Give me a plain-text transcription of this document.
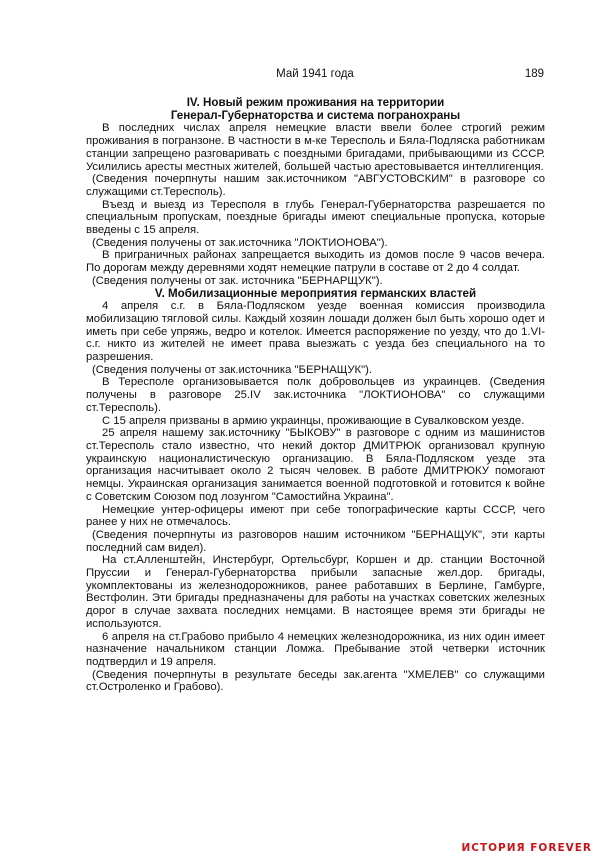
Май 1941 года	189
IV. Новый режим проживания на территории
Генерал-Губернаторства и система погранохраны

В последних числах апреля немецкие власти ввели более строгий режим проживания в погранзоне. В частности в м-ке Тересполь и Бяла-Подляска работникам станции запрещено разговаривать с поездными бригадами, прибывающими из СССР. Усилились аресты местных жителей, большей частью арестовывается интеллигенция.

(Сведения почерпнуты нашим зак.источником "АВГУСТОВСКИМ" в разговоре со служащими ст.Тересполь).

Въезд и выезд из Тересполя в глубь Генерал-Губернаторства разрешается по специальным пропускам, поездные бригады имеют специальные пропуска, которые введены с 15 апреля.

(Сведения получены от зак.источника "ЛОКТИОНОВА").

В приграничных районах запрещается выходить из домов после 9 часов вечера. По дорогам между деревнями ходят немецкие патрули в составе от 2 до 4 солдат.

(Сведения получены от зак. источника "БЕРНАРЩУК").

V. Мобилизационные мероприятия германских властей

4 апреля с.г. в Бяла-Подляском уезде военная комиссия производила мобилизацию тягловой силы. Каждый хозяин лошади должен был быть хорошо одет и иметь при себе упряжь, ведро и котелок. Имеется распоряжение по уезду, что до 1.VI-с.г. никто из жителей не имеет права выезжать с уезда без специального на то разрешения.

(Сведения получены от зак.источника "БЕРНАЩУК").

В Тересполе организовывается полк добровольцев из украинцев. (Сведения получены в разговоре 25.IV зак.источника "ЛОКТИОНОВА" со служащими ст.Тересполь).

С 15 апреля призваны в армию украинцы, проживающие в Сувалковском уезде.

25 апреля нашему зак.источнику "БЫКОВУ" в разговоре с одним из машинистов ст.Тересполь стало известно, что некий доктор ДМИТРЮК организовал крупную украинскую националистическую организацию. В Бяла-Подляском уезде эта организация насчитывает около 2 тысяч человек. В работе ДМИТРЮКУ помогают немцы. Украинская организация занимается военной подготовкой и готовится к войне с Советским Союзом под лозунгом "Самостийна Украина".

Немецкие унтер-офицеры имеют при себе топографические карты СССР, чего ранее у них не отмечалось.

(Сведения почерпнуты из разговоров нашим источником "БЕРНАЩУК", эти карты последний сам видел).

На ст.Алленштейн, Инстербург, Ортельсбург, Коршен и др. станции Восточной Пруссии и Генерал-Губернаторства прибыли запасные жел.дор. бригады, укомплектованы из железнодорожников, ранее работавших в Берлине, Гамбурге, Вестфолин. Эти бригады предназначены для работы на участках советских железных дорог в случае захвата последних немцами. В настоящее время эти бригады не используются.

6 апреля на ст.Грабово прибыло 4 немецких железнодорожника, из них один имеет назначение начальником станции Ломжа. Пребывание этой четверки источник подтвердил и 19 апреля.

(Сведения почерпнуты в результате беседы зак.агента "ХМЕЛЕВ" со служащими ст.Остроленко и Грабово).

ИСТОРИЯ FOREVER
